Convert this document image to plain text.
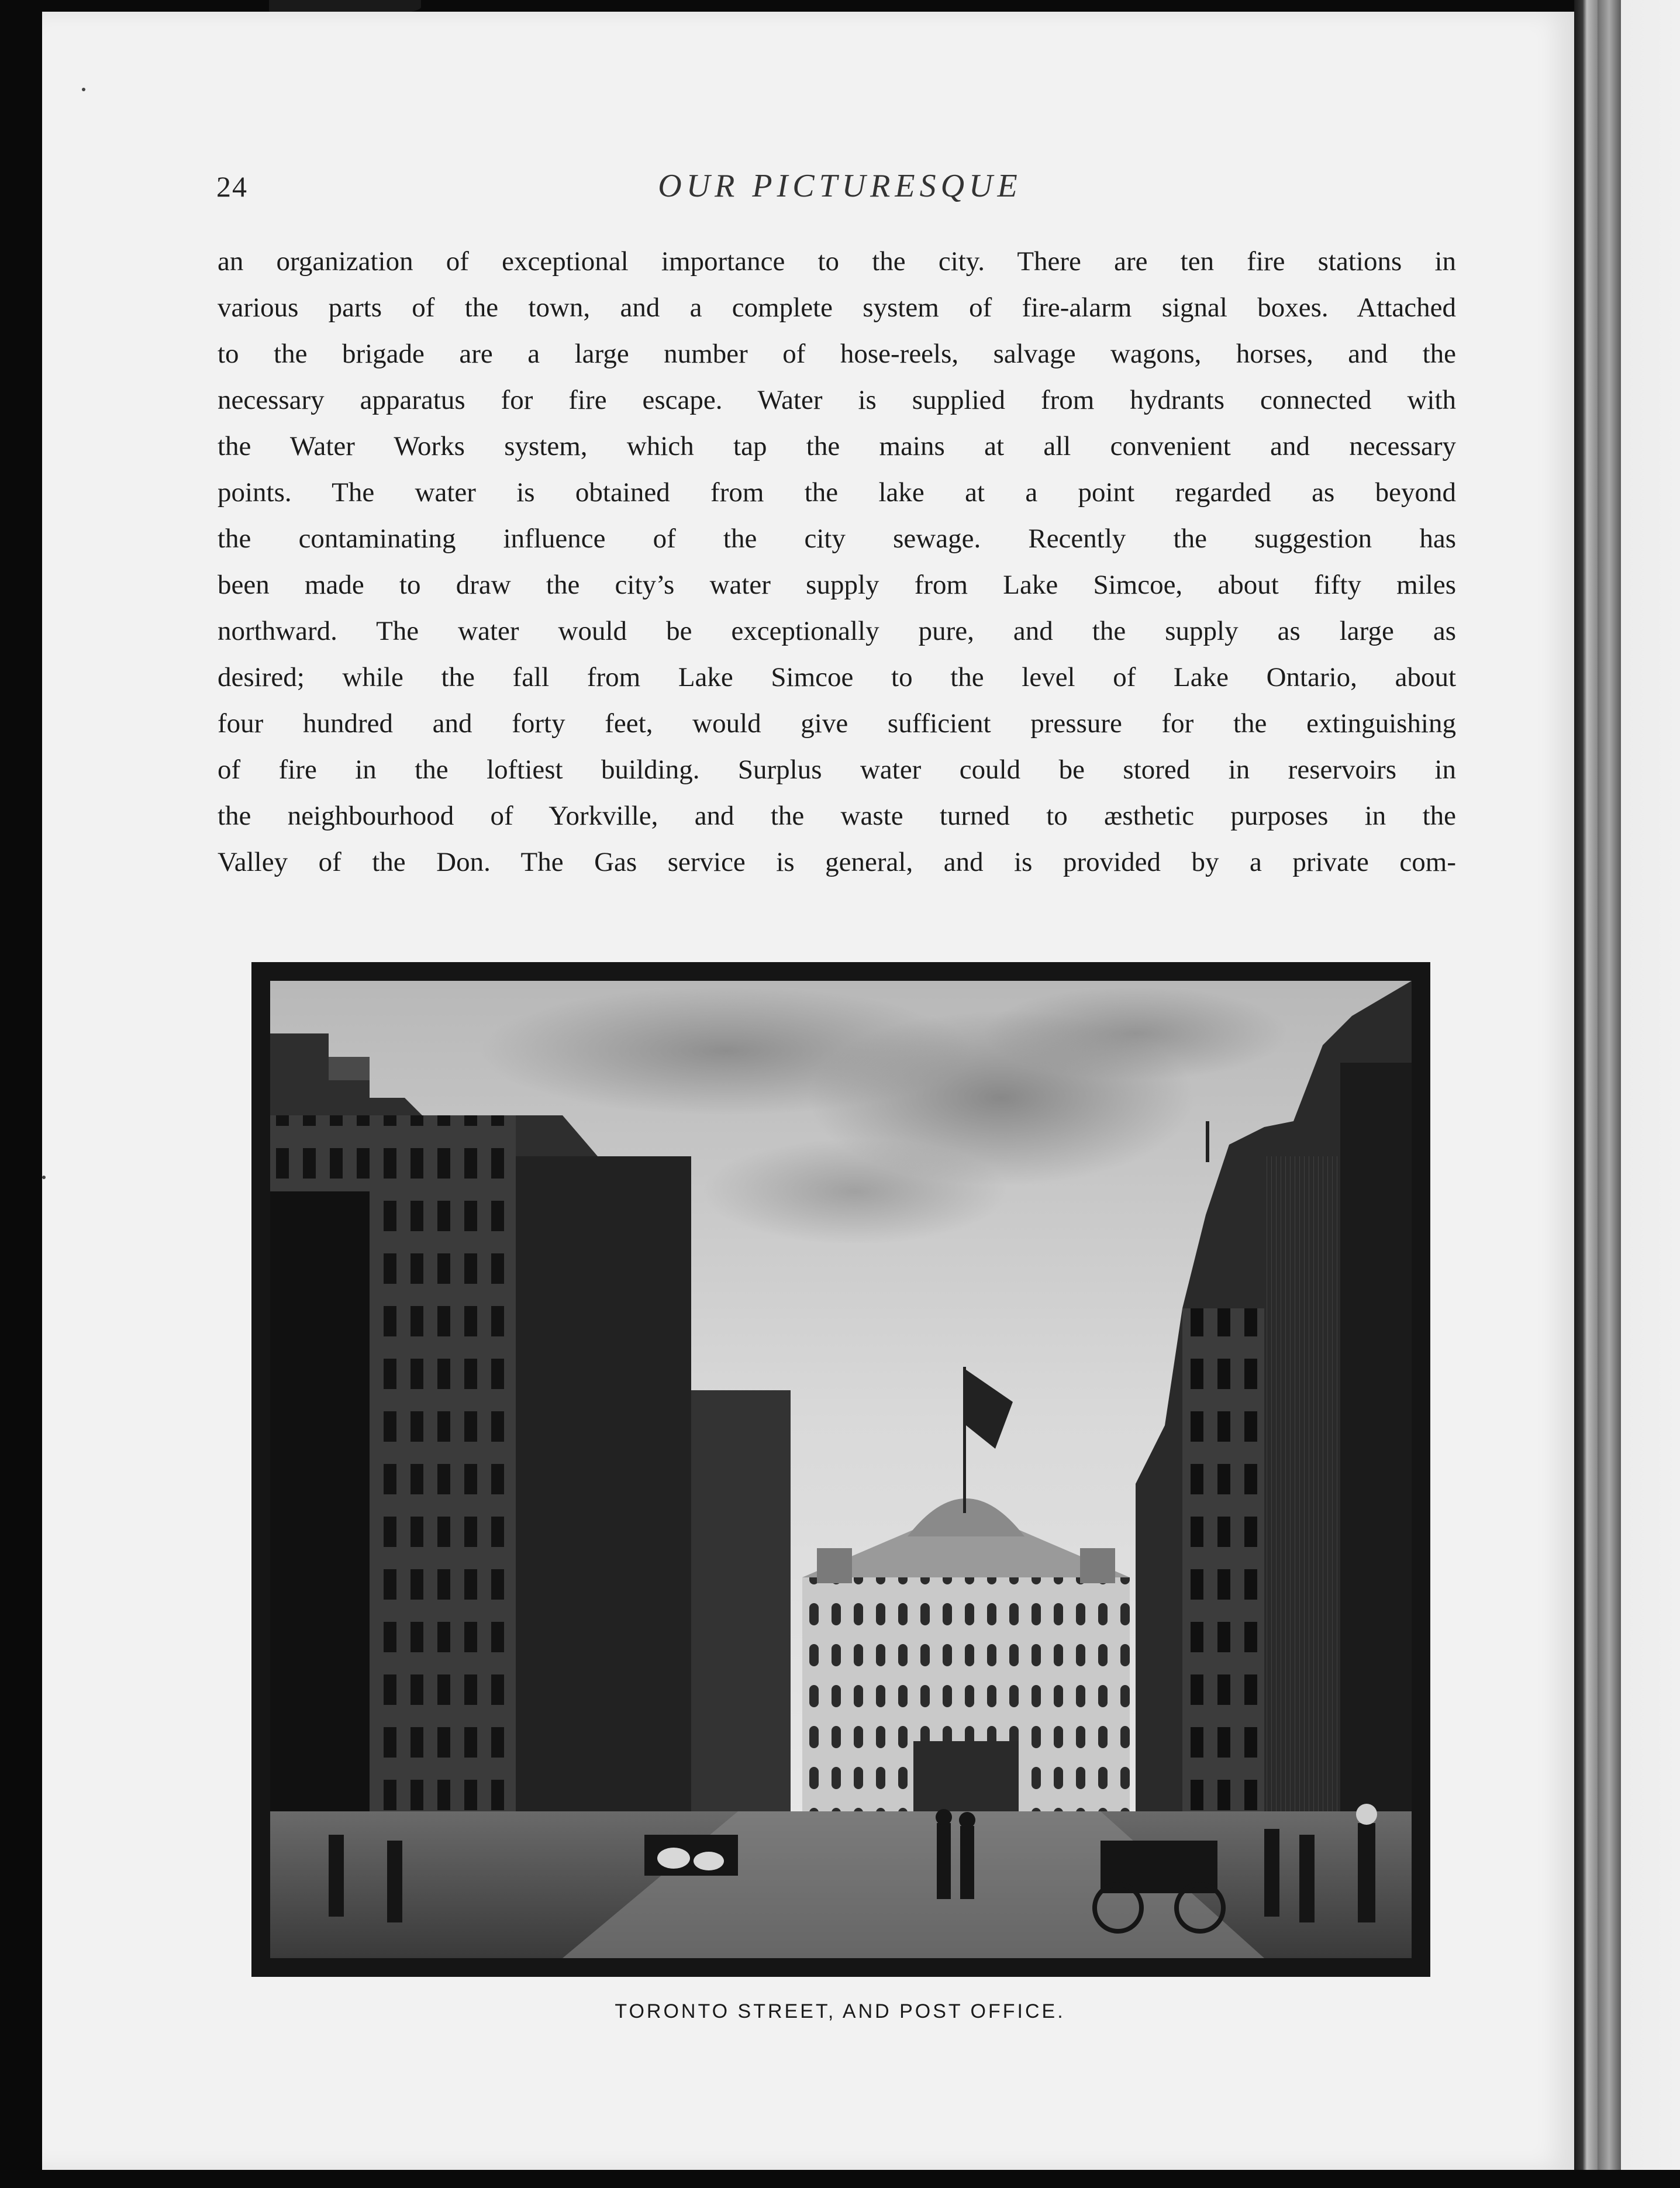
24	OUR PICTURESQUE
an organization of exceptional importance to the city. There are ten fire stations in
various parts of the town, and a complete system of fire-alarm signal boxes. Attached
to the brigade are a large number of hose-reels, salvage wagons, horses, and the
necessary apparatus for fire escape. Water is supplied from hydrants connected with
the Water Works system, which tap the mains at all convenient and necessary
points. The water is obtained from the lake at a point regarded as beyond
the contaminating influence of the city sewage. Recently the suggestion has
been made to draw the city’s water supply from Lake Simcoe, about fifty miles
northward. The water would be exceptionally pure, and the supply as large as
desired; while the fall from Lake Simcoe to the level of Lake Ontario, about
four hundred and forty feet, would give sufficient pressure for the extinguishing
of fire in the loftiest building. Surplus water could be stored in reservoirs in
the neighbourhood of Yorkville, and the waste turned to æsthetic purposes in the
Valley of the Don. The Gas service is general, and is provided by a private com-
TORONTO STREET, AND POST OFFICE.
